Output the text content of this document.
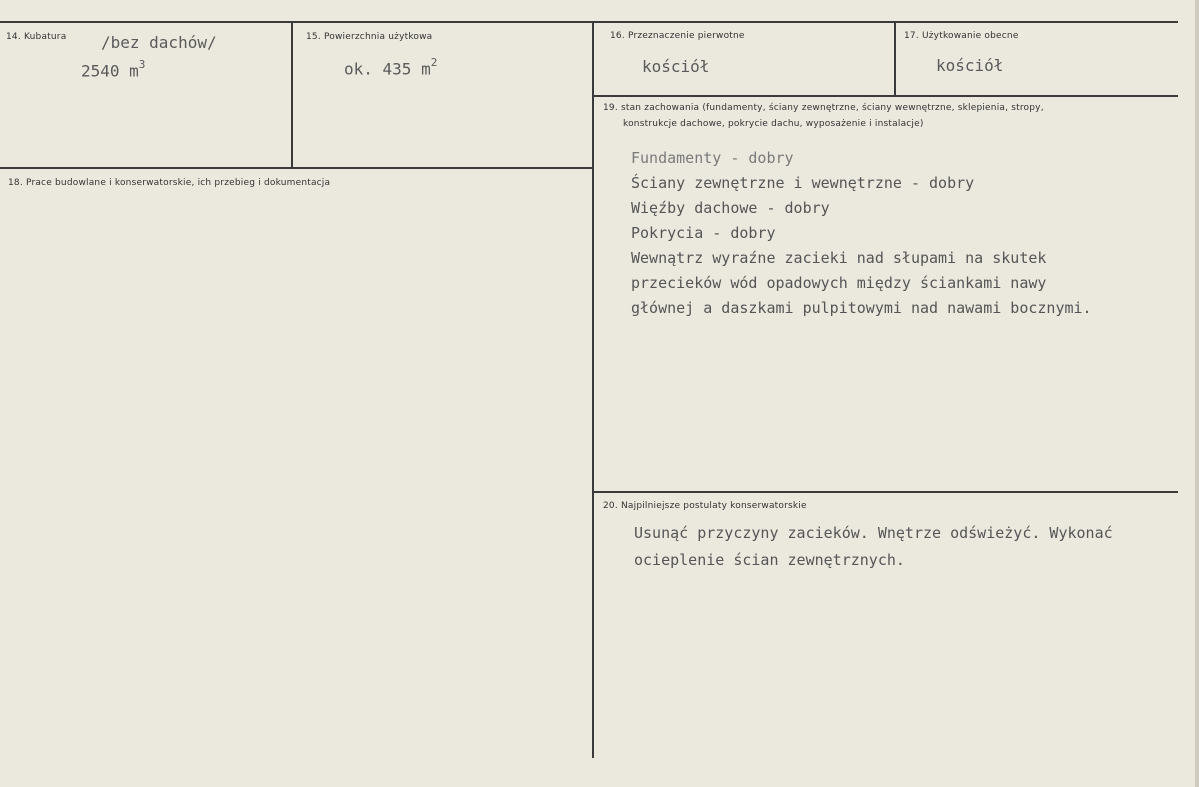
14. Kubatura /bez dachów/
2540 $m^3$
15. Powierzchnia użytkowa
ok. 435 $m^2$
16. Przeznaczenie pierwotne
kościół
17. Użytkowanie obecne
kościół
18. Prace budowlane i konserwatorskie, ich przebieg i dokumentacja
19. stan zachowania (fundamenty, ściany zewnętrzne, ściany wewnętrzne, sklepienia, stropy,
konstrukcje dachowe, pokrycie dachu, wyposażenie i instalacje)
Fundamenty - dobry
Ściany zewnętrzne i wewnętrzne - dobry
Więźby dachowe - dobry
Pokrycia - dobry
Wewnątrz wyraźne zacieki nad słupami na skutek
przecieków wód opadowych między ściankami nawy
głównej a daszkami pulpitowymi nad nawami bocznymi.
20. Najpilniejsze postulaty konserwatorskie
Usunąć przyczyny zacieków. Wnętrze odświeżyć. Wykonać
ocieplenie ścian zewnętrznych.
